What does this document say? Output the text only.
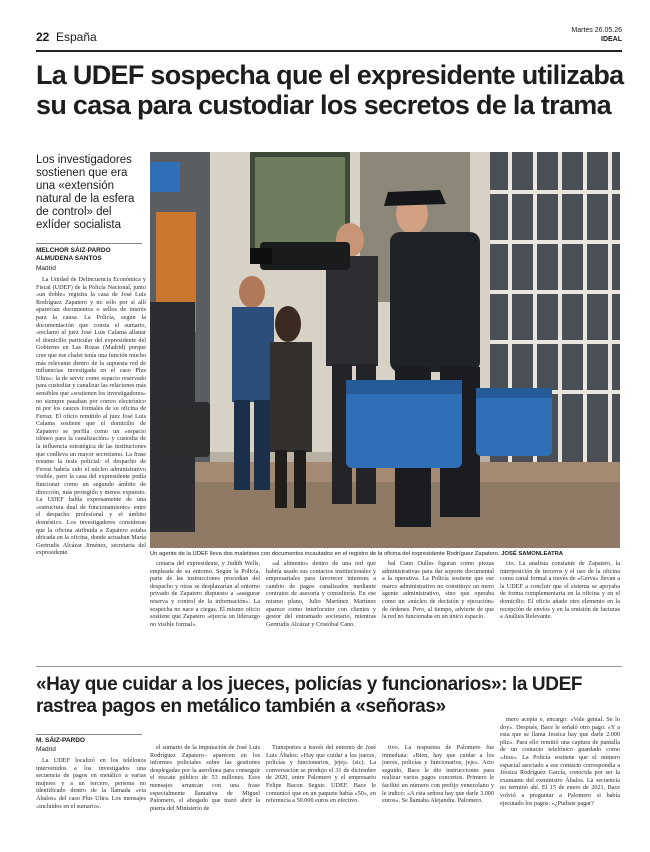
22 España	Martes 26.05.26
IDEAL
La UDEF sospecha que el expresidente utilizaba su casa para custodiar los secretos de la trama
Los investigadores sostienen que era una «extensión natural de la esfera de control» del exlíder socialista
MELCHOR SÁIZ-PARDO
ALMUDENA SANTOS
Madrid
Un agente de la UDEF lleva dos maletines con documentos incautados en el registro de la oficina del expresidente Rodríguez Zapatero. JOSÉ SAMONLEATRA

La Unidad de Delincuencia Económica y Fiscal (UDEF) de la Policía Nacional, junto «un doble» registra la casa de José Luis Rodríguez Zapatero y no sólo por si allí aparecían documentos o sellos de interés para la causa. La Policía, según la documentación que consta el sumario, «reclamó al juez José Luis Calama allanar el domicilio particular del expresidente del Gobierno en Las Rozas (Madrid) porque cree que ese chalet tenía una función mucho más relevante dentro de la supuesta red de influencias investigada en el caso Plus Ultra»: la de servir como espacio reservado para custodiar y canalizar las relaciones más sensibles que «sostienen los investigadores» no siempre pasaban por correo electrónico ni por los cauces formales de su oficina de Ferraz. El oficio remitido al juez José Luis Calama sostiene que el domicilio de Zapatero se perfila como un «espacio idóneo para la canalización» y custodia de la influencia estratégica de las instituciones que conlleva un mayor secretismo. La frase resume la tesis policial: el despacho de Ferraz habría sido el núcleo administrativo visible, pero la casa del expresidente podía funcionar como un segundo ámbito de dirección, más protegido y menos expuesto. La UDEF habla expresamente de una «estructura dual de funcionamiento» entre el despacho profesional y el ámbito doméstico. Los investigadores consideran que la oficina atribuida a Zapatero estaba ubicada en la oficina, donde actuaban María Gertrudis Alcázar Jiménez, secretaria del expresidente.

cretaria del expresidente, y Judith Wells, empleada de su entorno. Según la Policía, parte de las instrucciones procedían del despacho y otras se desplazarían al entorno privado de Zapatero dispuesto a «asegurar reserva y control de la información». La sospecha no nace a ciegas. El mismo oficio sostiene que Zapatero «ejercía un liderazgo no visible formal».

«al alimento» dentro de una red que habría usado sus contactos institucionales y empresariales para favorecer intereses a cambio de pagos canalizados mediante contratos de asesoría y consultoría. En ese mismo plano, Julio Martínez Martínez aparece como interlocutor con clientes y gestor del entramado societario, mientras Gertrudis Alcázar y Cristóbal Cano.

bal Cano Oulles figuran como piezas administrativas para dar soporte documental a la operativa. La Policía sostiene que ese marco administrativo no constituye un mero agente administrativo, sino que operaba como un «núcleo de decisión y ejecución» de órdenes. Pero, al tiempo, advierte de que la red no funcionaba en un único espacio.

cio. La analista constante de Zapatero, la interposición de terceros y el uso de la oficina como canal formal a través de «Gerva» llevan a la UDEF a concluir que el sistema se apoyaba de forma complementaria en la oficina y en el domicilio. El oficio añade otro elemento en la recepción de envíos y en la emisión de facturas a Análisis Relevante.

«Hay que cuidar a los jueces, policías y funcionarios»: la UDEF rastrea pagos en metálico también a «señoras»
M. SÁIZ-PARDO
Madrid

La UDEF localizó en los teléfonos intervenidos a los investigados una secuencia de pagos en metálico a varias mujeres y a un tercero, persona no identificado dentro de la llamada «vía Ábalos» del caso Plus Ultra. Los mensajes «incluidos en el sumario».

el sumario de la imputación de José Luis Rodríguez Zapatero– aparecen en los informes policiales sobre las gestiones desplegadas por la aerolínea para conseguir el rescate público de 53 millones. Esos mensajes arrancan con una frase especialmente llamativa de Miguel Palomero, el abogado que trazó abrir la puerta del Ministerio de

Transportes a través del entorno de José Luis Ábalos: «Hay que cuidar a los jueces, policías y funcionarios, jejej» (sic). La conversación se produjo el 31 de diciembre de 2020, entre Palomero y el empresario Felipe Bacon Seguir. UDEF. Bace le comunicó que en un paquete había «50», en referencia a 50.000 euros en efectivo.

tivo. La respuesta de Palomero fue inmediata: «Bien, hay que cuidar a los jueces, policías y funcionarios, jeje». Acto seguido, Bace le dio instrucciones para realizar varios pagos concretos. Primero le facilitó un número con prefijo venezolano y le indicó: «A esta señora hay que darle 3.000 euros». Se llamaba Alejandra. Palomero.

mero acepta e, encargo: «Vale genial. Se lo doy». Después, Bace le señaló otro pago: «Y a esta que se llama Jessica hay que darle 2.000 pliz». Para ello remitió una captura de pantalla de un contacto telefónico guardado como «Jess». La Policía sostiene que el número espacial asociado a ese contacto correspondía a Jéssica Rodríguez García, conocida por ser la examante del exministro Ábalos. La secuencia no terminó ahí. El 15 de enero de 2021, Bace volvió a preguntar a Palomero si había ejecutado los pagos: «¿Pudiste pagar?
